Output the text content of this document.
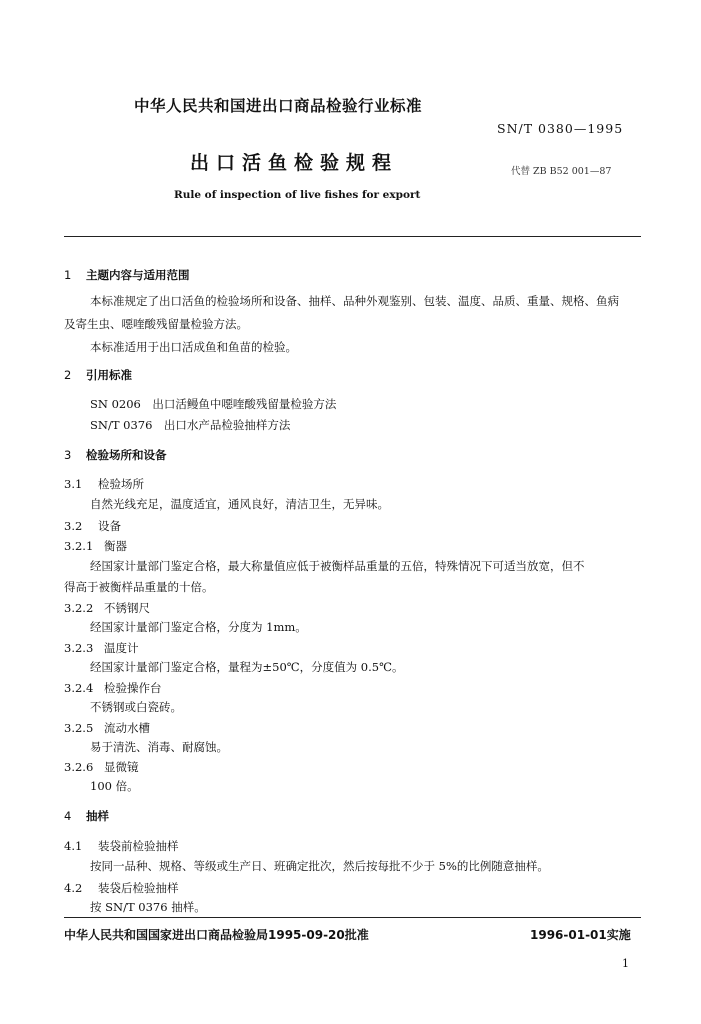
中华人民共和国进出口商品检验行业标准
SN/T 0380—1995
出口活鱼检验规程	代替 ZB B52 001—87
Rule of inspection of live fishes for export
1 主题内容与适用范围
本标准规定了出口活鱼的检验场所和设备、抽样、品种外观鉴别、包装、温度、品质、重量、规格、鱼病
及寄生虫、噁喹酸残留量检验方法。
本标准适用于出口活成鱼和鱼苗的检验。
2 引用标准
SN 0206　出口活鳗鱼中噁喹酸残留量检验方法
SN/T 0376　出口水产品检验抽样方法
3 检验场所和设备
3.1 检验场所
自然光线充足，温度适宜，通风良好，清洁卫生，无异味。
3.2 设备
3.2.1 衡器
经国家计量部门鉴定合格，最大称量值应低于被衡样品重量的五倍，特殊情况下可适当放宽，但不
得高于被衡样品重量的十倍。
3.2.2 不锈钢尺
经国家计量部门鉴定合格，分度为 1mm。
3.2.3 温度计
经国家计量部门鉴定合格，量程为±50℃，分度值为 0.5℃。
3.2.4 检验操作台
不锈钢或白瓷砖。
3.2.5 流动水槽
易于清洗、消毒、耐腐蚀。
3.2.6 显微镜
100 倍。
4 抽样
4.1 装袋前检验抽样
按同一品种、规格、等级或生产日、班确定批次，然后按每批不少于 5%的比例随意抽样。
4.2 装袋后检验抽样
按 SN/T 0376 抽样。
中华人民共和国国家进出口商品检验局1995-09-20批准	1996-01-01实施
1
